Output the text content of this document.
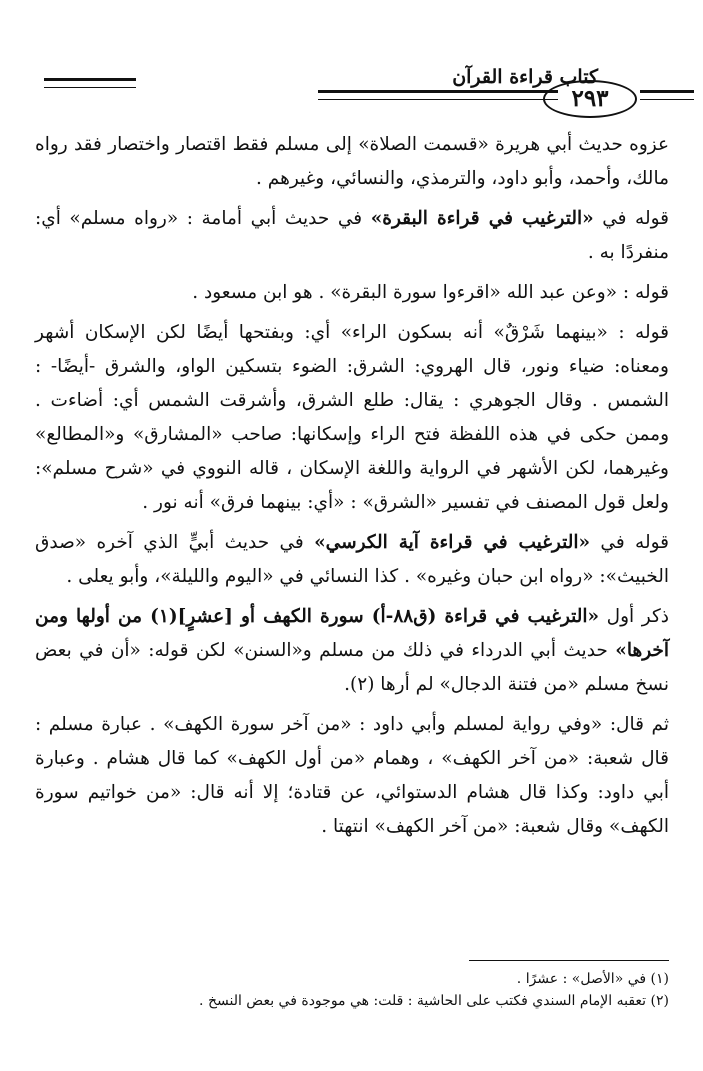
كتاب قراءة القرآن
٢٩٣

عزوه حديث أبي هريرة «قسمت الصلاة» إلى مسلم فقط اقتصار واختصار فقد رواه مالك، وأحمد، وأبو داود، والترمذي، والنسائي، وغيرهم .

قوله في «الترغيب في قراءة البقرة» في حديث أبي أمامة : «رواه مسلم» أي: منفردًا به .

قوله : «وعن عبد الله «اقرءوا سورة البقرة» . هو ابن مسعود .

قوله : «بينهما شَرْقٌ» أنه بسكون الراء» أي: وبفتحها أيضًا لكن الإسكان أشهر ومعناه: ضياء ونور، قال الهروي: الشرق: الضوء بتسكين الواو، والشرق -أيضًا- : الشمس . وقال الجوهري : يقال: طلع الشرق، وأشرقت الشمس أي: أضاءت . وممن حكى في هذه اللفظة فتح الراء وإسكانها: صاحب «المشارق» و«المطالع» وغيرهما، لكن الأشهر في الرواية واللغة الإسكان ، قاله النووي في «شرح مسلم»: ولعل قول المصنف في تفسير «الشرق» : «أي: بينهما فرق» أنه نور .

قوله في «الترغيب في قراءة آية الكرسي» في حديث أبيٍّ الذي آخره «صدق الخبيث»: «رواه ابن حبان وغيره» . كذا النسائي في «اليوم والليلة»، وأبو يعلى .

ذكر أول «الترغيب في قراءة (ق٨٨-أ) سورة الكهف أو [عشرٍ](١) من أولها ومن آخرها» حديث أبي الدرداء في ذلك من مسلم و«السنن» لكن قوله: «أن في بعض نسخ مسلم «من فتنة الدجال» لم أرها (٢).

ثم قال: «وفي رواية لمسلم وأبي داود : «من آخر سورة الكهف» . عبارة مسلم : قال شعبة: «من آخر الكهف» ، وهمام «من أول الكهف» كما قال هشام . وعبارة أبي داود: وكذا قال هشام الدستوائي، عن قتادة؛ إلا أنه قال: «من خواتيم سورة الكهف» وقال شعبة: «من آخر الكهف» انتهتا .

(١) في «الأصل» : عشرًا .
(٢) تعقبه الإمام السندي فكتب على الحاشية : قلت: هي موجودة في بعض النسخ .
